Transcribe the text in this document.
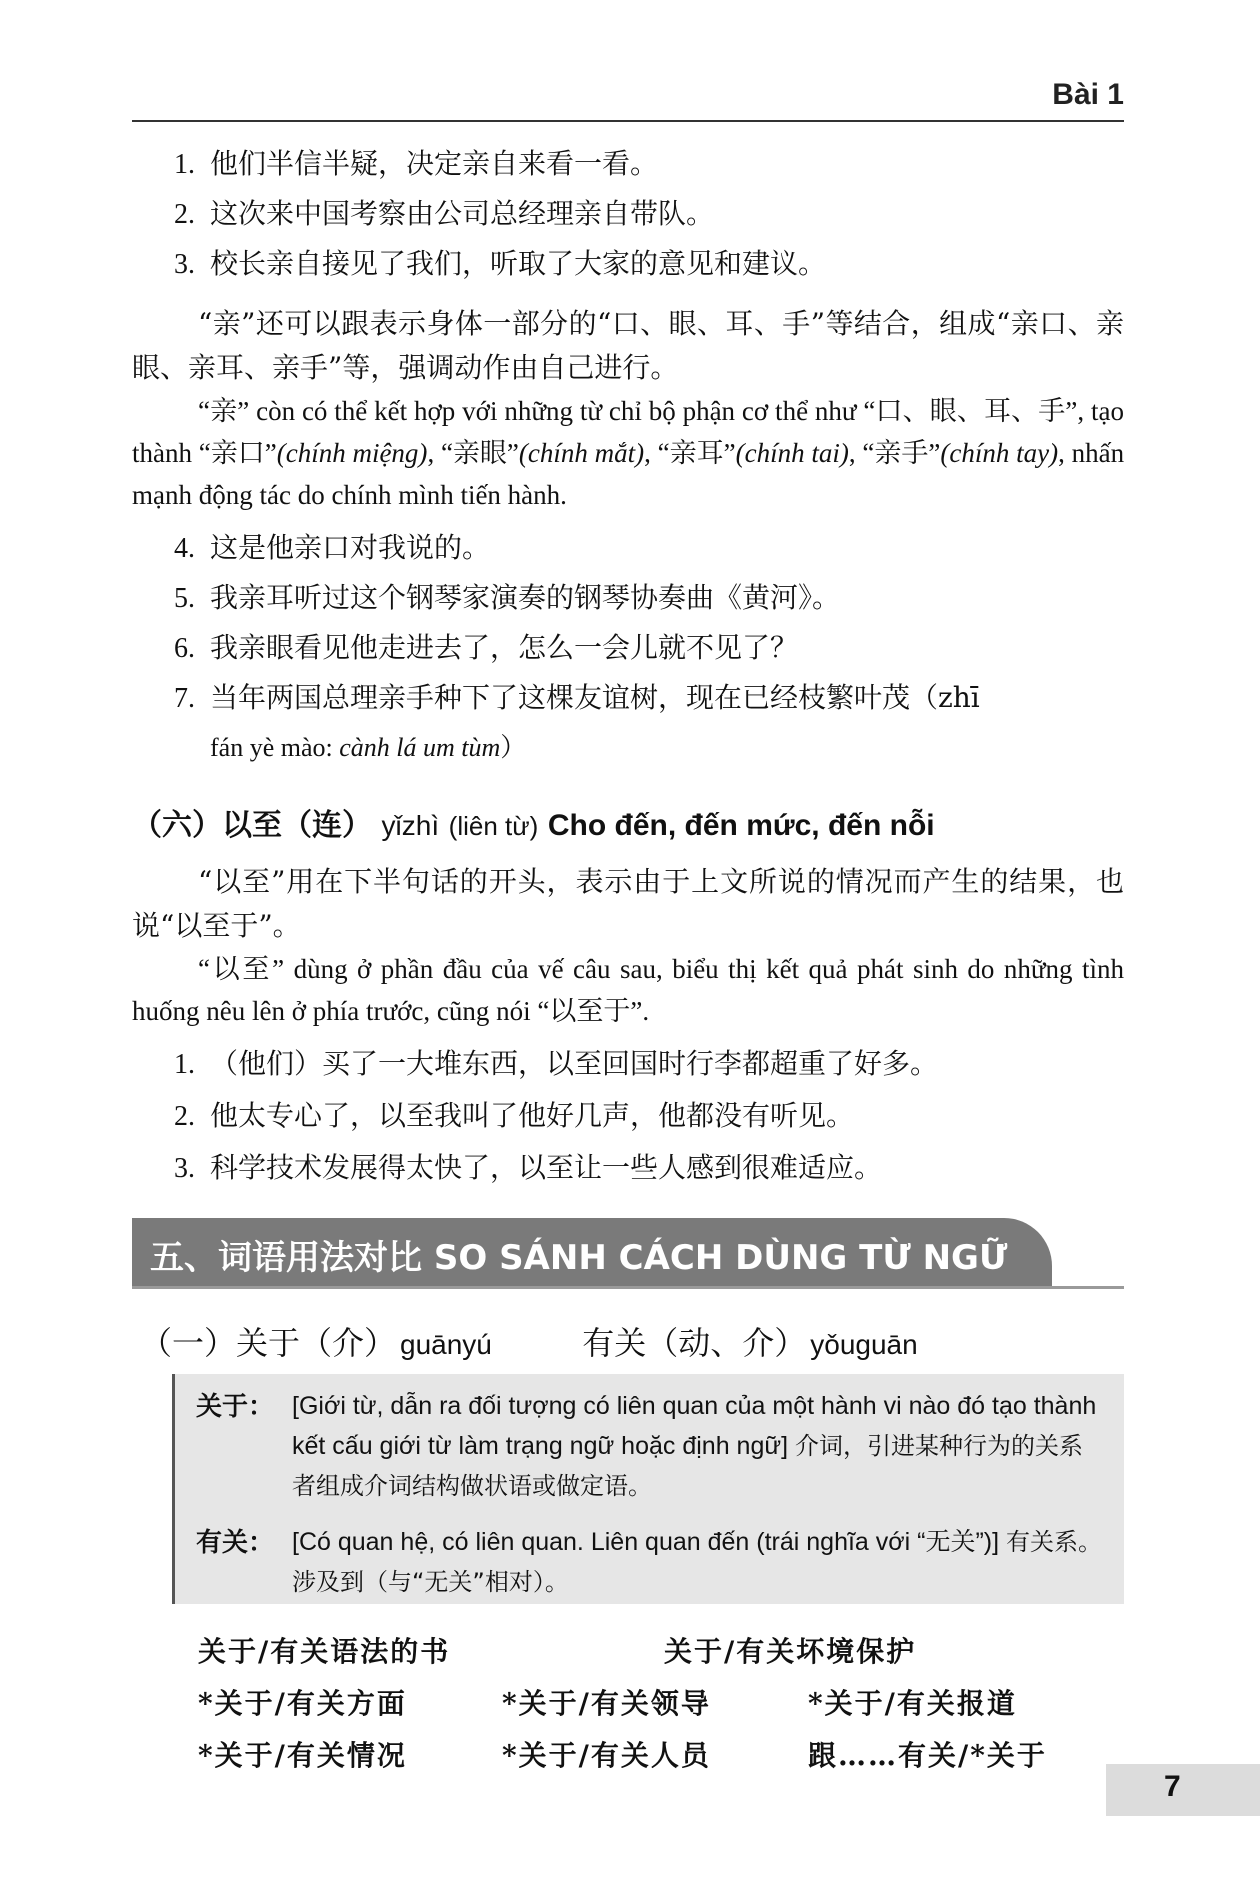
Bài 1
1. 他们半信半疑，决定亲自来看一看。
2. 这次来中国考察由公司总经理亲自带队。
3. 校长亲自接见了我们，听取了大家的意见和建议。
“亲”还可以跟表示身体一部分的“口、眼、耳、手”等结合，组成“亲口、亲眼、亲耳、亲手”等，强调动作由自己进行。
“亲” còn có thể kết hợp với những từ chỉ bộ phận cơ thể như “口、眼、耳、手”, tạo thành “亲口”(chính miệng), “亲眼”(chính mắt), “亲耳”(chính tai), “亲手”(chính tay), nhấn mạnh động tác do chính mình tiến hành.
4. 这是他亲口对我说的。
5. 我亲耳听过这个钢琴家演奏的钢琴协奏曲《黄河》。
6. 我亲眼看见他走进去了，怎么一会儿就不见了？
7. 当年两国总理亲手种下了这棵友谊树，现在已经枝繁叶茂（zhī
fán yè mào: cành lá um tùm）
（六）以至（连） yǐzhì (liên từ) Cho đến, đến mức, đến nỗi
“以至”用在下半句话的开头，表示由于上文所说的情况而产生的结果，也说“以至于”。
“以至” dùng ở phần đầu của vế câu sau, biểu thị kết quả phát sinh do những tình huống nêu lên ở phía trước, cũng nói “以至于”.
1. （他们）买了一大堆东西，以至回国时行李都超重了好多。
2. 他太专心了，以至我叫了他好几声，他都没有听见。
3. 科学技术发展得太快了，以至让一些人感到很难适应。
五、词语用法对比 SO SÁNH CÁCH DÙNG TỪ NGỮ
（一）关于（介） guānyú	有关（动、介） yǒuguān
关于： [Giới từ, dẫn ra đối tượng có liên quan của một hành vi nào đó tạo thành kết cấu giới từ làm trạng ngữ hoặc định ngữ] 介词，引进某种行为的关系者组成介词结构做状语或做定语。
有关： [Có quan hệ, có liên quan. Liên quan đến (trái nghĩa với “无关”)] 有关系。涉及到（与“无关”相对）。
关于/有关语法的书	关于/有关坏境保护
*关于/有关方面	*关于/有关领导	*关于/有关报道
*关于/有关情况	*关于/有关人员	跟……有关/*关于
7
